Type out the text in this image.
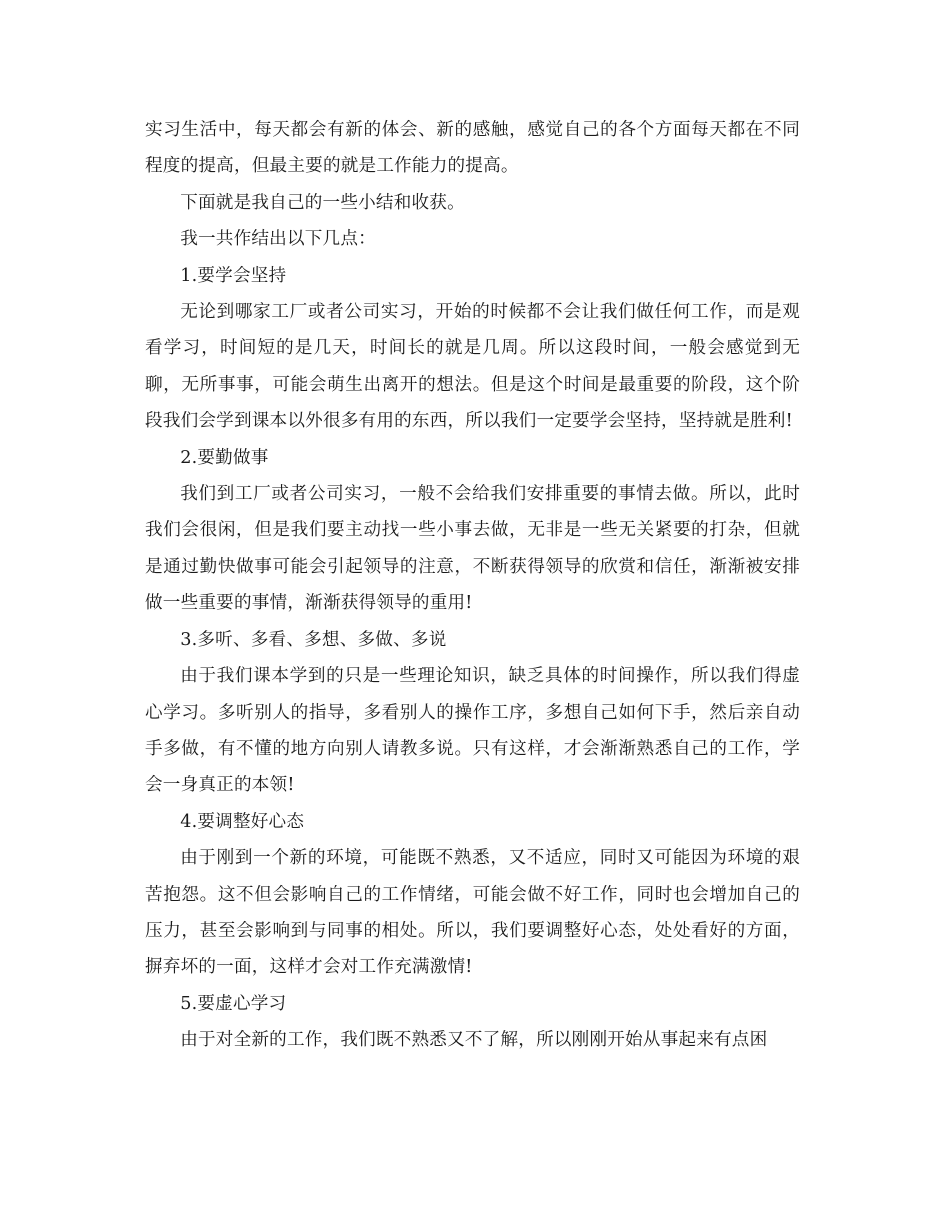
实习生活中，每天都会有新的体会、新的感触，感觉自己的各个方面每天都在不同程度的提高，但最主要的就是工作能力的提高。

下面就是我自己的一些小结和收获。

我一共作结出以下几点：

1.要学会坚持

无论到哪家工厂或者公司实习，开始的时候都不会让我们做任何工作，而是观看学习，时间短的是几天，时间长的就是几周。所以这段时间，一般会感觉到无聊，无所事事，可能会萌生出离开的想法。但是这个时间是最重要的阶段，这个阶段我们会学到课本以外很多有用的东西，所以我们一定要学会坚持，坚持就是胜利!

2.要勤做事

我们到工厂或者公司实习，一般不会给我们安排重要的事情去做。所以，此时我们会很闲，但是我们要主动找一些小事去做，无非是一些无关紧要的打杂，但就是通过勤快做事可能会引起领导的注意，不断获得领导的欣赏和信任，渐渐被安排做一些重要的事情，渐渐获得领导的重用!

3.多听、多看、多想、多做、多说

由于我们课本学到的只是一些理论知识，缺乏具体的时间操作，所以我们得虚心学习。多听别人的指导，多看别人的操作工序，多想自己如何下手，然后亲自动手多做，有不懂的地方向别人请教多说。只有这样，才会渐渐熟悉自己的工作，学会一身真正的本领!

4.要调整好心态

由于刚到一个新的环境，可能既不熟悉，又不适应，同时又可能因为环境的艰苦抱怨。这不但会影响自己的工作情绪，可能会做不好工作，同时也会增加自己的压力，甚至会影响到与同事的相处。所以，我们要调整好心态，处处看好的方面，摒弃坏的一面，这样才会对工作充满激情!

5.要虚心学习

由于对全新的工作，我们既不熟悉又不了解，所以刚刚开始从事起来有点困
